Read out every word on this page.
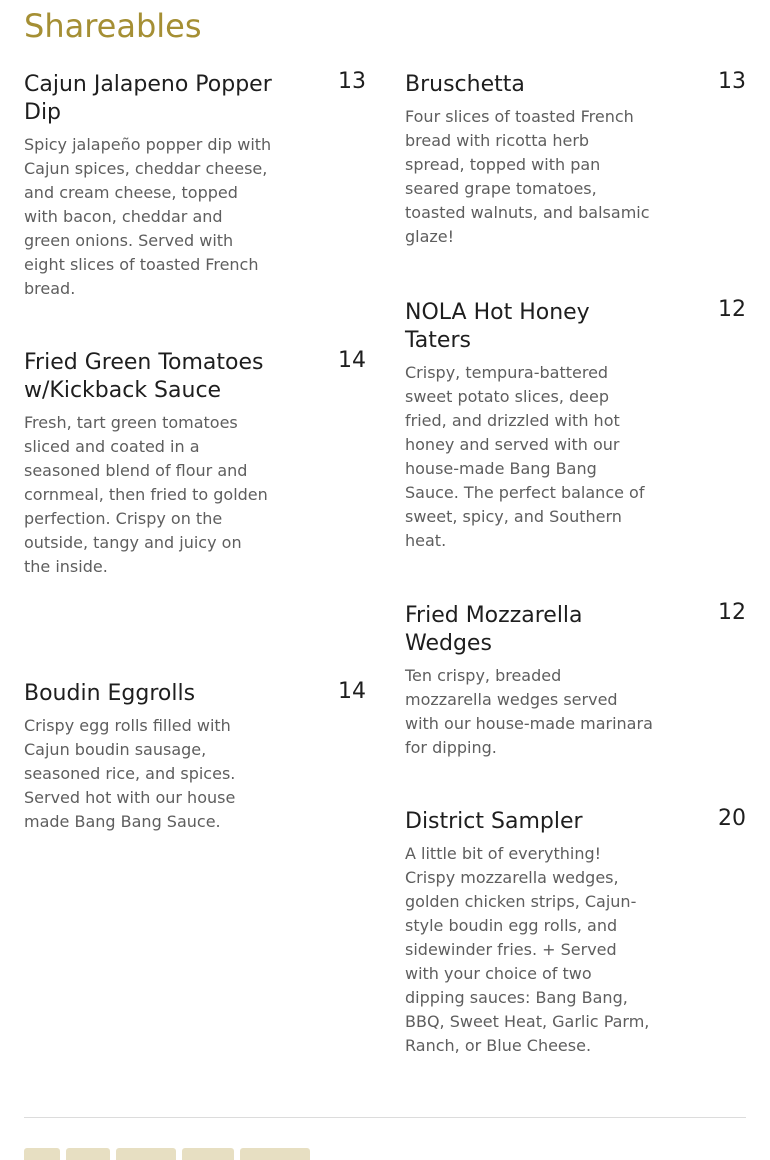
Shareables
Cajun Jalapeno Popper Dip
13

Spicy jalapeño popper dip with Cajun spices, cheddar cheese, and cream cheese, topped with bacon, cheddar and green onions. Served with eight slices of toasted French bread.

Fried Green Tomatoes w/Kickback Sauce
14

Fresh, tart green tomatoes sliced and coated in a seasoned blend of flour and cornmeal, then fried to golden perfection. Crispy on the outside, tangy and juicy on the inside.

Boudin Eggrolls	14

Crispy egg rolls filled with Cajun boudin sausage, seasoned rice, and spices. Served hot with our house made Bang Bang Sauce.

Bruschetta	13

Four slices of toasted French bread with ricotta herb spread, topped with pan seared grape tomatoes, toasted walnuts, and balsamic glaze!

NOLA Hot Honey Taters
12

Crispy, tempura-battered sweet potato slices, deep fried, and drizzled with hot honey and served with our house-made Bang Bang Sauce. The perfect balance of sweet, spicy, and Southern heat.

Fried Mozzarella Wedges
12

Ten crispy, breaded mozzarella wedges served with our house-made marinara for dipping.

District Sampler	20

A little bit of everything! Crispy mozzarella wedges, golden chicken strips, Cajun-style boudin egg rolls, and sidewinder fries. + Served with your choice of two dipping sauces: Bang Bang, BBQ, Sweet Heat, Garlic Parm, Ranch, or Blue Cheese.
